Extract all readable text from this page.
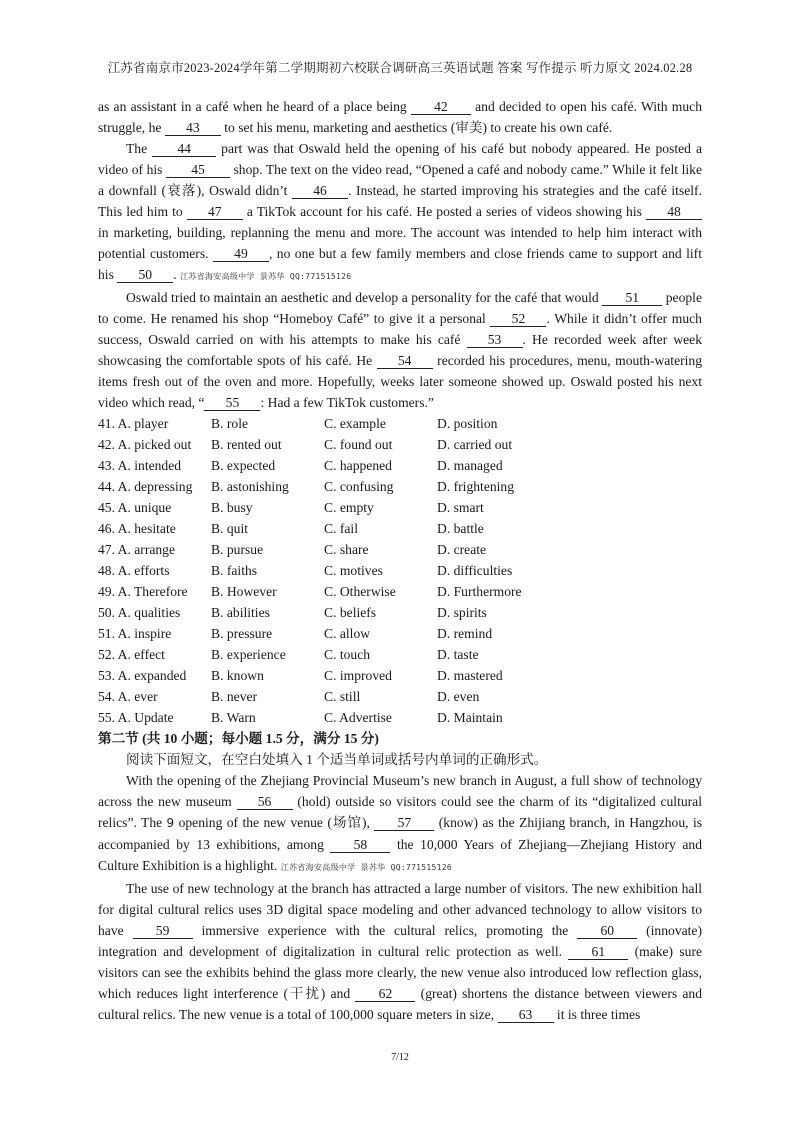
江苏省南京市2023-2024学年第二学期期初六校联合调研高三英语试题 答案 写作提示 听力原文 2024.02.28

as an assistant in a café when he heard of a place being 42 and decided to open his café. With much struggle, he 43 to set his menu, marketing and aesthetics (审美) to create his own café.

The 44 part was that Oswald held the opening of his café but nobody appeared. He posted a video of his 45 shop. The text on the video read, “Opened a café and nobody came.” While it felt like a downfall (衰落), Oswald didn’t 46 . Instead, he started improving his strategies and the café itself. This led him to 47 a TikTok account for his café. He posted a series of videos showing his 48 in marketing, building, replanning the menu and more. The account was intended to help him interact with potential customers. 49 , no one but a few family members and close friends came to support and lift his 50 . 江苏省海安高级中学 景苏华 QQ:771515126

Oswald tried to maintain an aesthetic and develop a personality for the café that would 51 people to come. He renamed his shop “Homeboy Café” to give it a personal 52 . While it didn’t offer much success, Oswald carried on with his attempts to make his café 53 . He recorded week after week showcasing the comfortable spots of his café. He 54 recorded his procedures, menu, mouth-watering items fresh out of the oven and more. Hopefully, weeks later someone showed up. Oswald posted his next video which read, “ 55 : Had a few TikTok customers.”

41. A. player	B. role	C. example	D. position
42. A. picked out	B. rented out	C. found out	D. carried out
43. A. intended	B. expected	C. happened	D. managed
44. A. depressing	B. astonishing	C. confusing	D. frightening
45. A. unique	B. busy	C. empty	D. smart
46. A. hesitate	B. quit	C. fail	D. battle
47. A. arrange	B. pursue	C. share	D. create
48. A. efforts	B. faiths	C. motives	D. difficulties
49. A. Therefore	B. However	C. Otherwise	D. Furthermore
50. A. qualities	B. abilities	C. beliefs	D. spirits
51. A. inspire	B. pressure	C. allow	D. remind
52. A. effect	B. experience	C. touch	D. taste
53. A. expanded	B. known	C. improved	D. mastered
54. A. ever	B. never	C. still	D. even
55. A. Update	B. Warn	C. Advertise	D. Maintain

第二节 (共 10 小题；每小题 1.5 分，满分 15 分)

阅读下面短文，在空白处填入 1 个适当单词或括号内单词的正确形式。

With the opening of the Zhejiang Provincial Museum’s new branch in August, a full show of technology across the new museum 56 (hold) outside so visitors could see the charm of its “digitalized cultural relics”. The 9 opening of the new venue (场馆), 57 (know) as the Zhijiang branch, in Hangzhou, is accompanied by 13 exhibitions, among 58 the 10,000 Years of Zhejiang—Zhejiang History and Culture Exhibition is a highlight. 江苏省海安高级中学 景苏华 QQ:771515126

The use of new technology at the branch has attracted a large number of visitors. The new exhibition hall for digital cultural relics uses 3D digital space modeling and other advanced technology to allow visitors to have 59 immersive experience with the cultural relics, promoting the 60 (innovate) integration and development of digitalization in cultural relic protection as well. 61 (make) sure visitors can see the exhibits behind the glass more clearly, the new venue also introduced low reflection glass, which reduces light interference (干扰) and 62 (great) shortens the distance between viewers and cultural relics. The new venue is a total of 100,000 square meters in size, 63 it is three times

7/12
